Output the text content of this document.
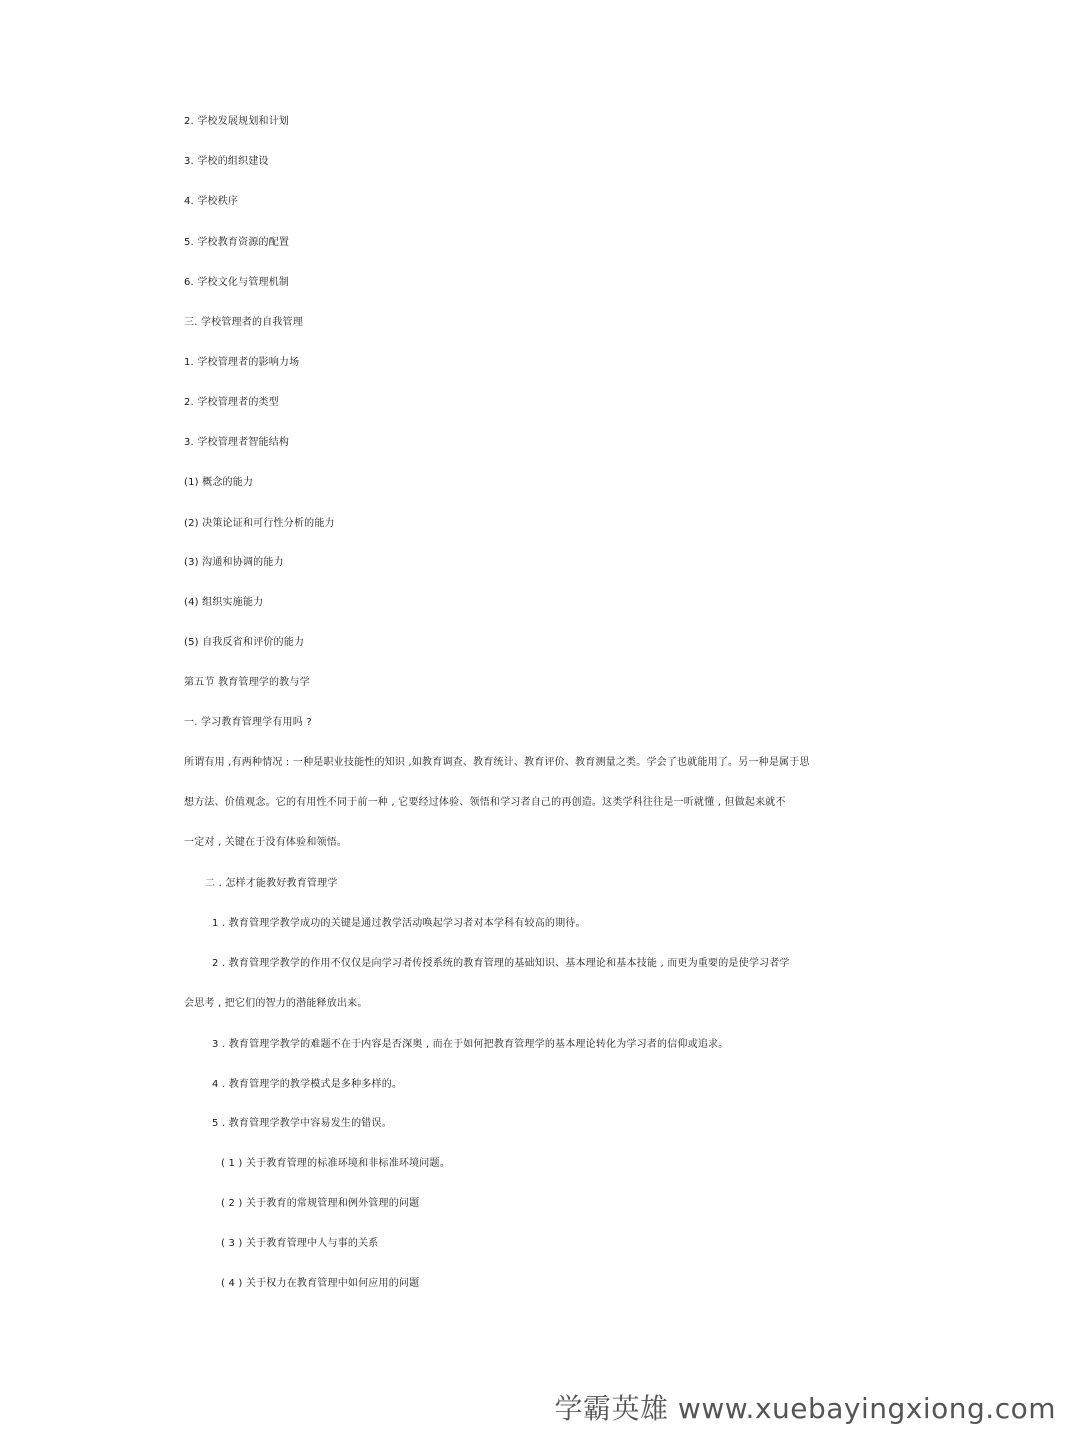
2. 学校发展规划和计划
3. 学校的组织建设
4. 学校秩序
5. 学校教育资源的配置
6. 学校文化与管理机制
三. 学校管理者的自我管理
1. 学校管理者的影响力场
2. 学校管理者的类型
3. 学校管理者智能结构
(1) 概念的能力
(2) 决策论证和可行性分析的能力
(3) 沟通和协调的能力
(4) 组织实施能力
(5) 自我反省和评价的能力
第五节 教育管理学的教与学
一. 学习教育管理学有用吗 ?
所谓有用 ,有两种情况 : 一种是职业技能性的知识 ,如教育调查、教育统计、教育评价、教育测量之类。学会了也就能用了。另一种是属于思
想方法、价值观念。它的有用性不同于前一种 , 它要经过体验、领悟和学习者自己的再创造。这类学科往往是一听就懂 , 但做起来就不
一定对 , 关键在于没有体验和领悟。
二 . 怎样才能教好教育管理学
1 . 教育管理学教学成功的关键是通过教学活动唤起学习者对本学科有较高的期待。
2 . 教育管理学教学的作用不仅仅是向学习者传授系统的教育管理的基础知识、基本理论和基本技能 , 而更为重要的是使学习者学
会思考 , 把它们的智力的潜能释放出来。
3 . 教育管理学教学的难题不在于内容是否深奥 , 而在于如何把教育管理学的基本理论转化为学习者的信仰或追求。
4 . 教育管理学的教学模式是多种多样的。
5 . 教育管理学教学中容易发生的错误。
( 1 ) 关于教育管理的标准环境和非标准环境问题。
( 2 ) 关于教育的常规管理和例外管理的问题
( 3 ) 关于教育管理中人与事的关系
( 4 ) 关于权力在教育管理中如何应用的问题
学霸英雄 www.xuebayingxiong.com
